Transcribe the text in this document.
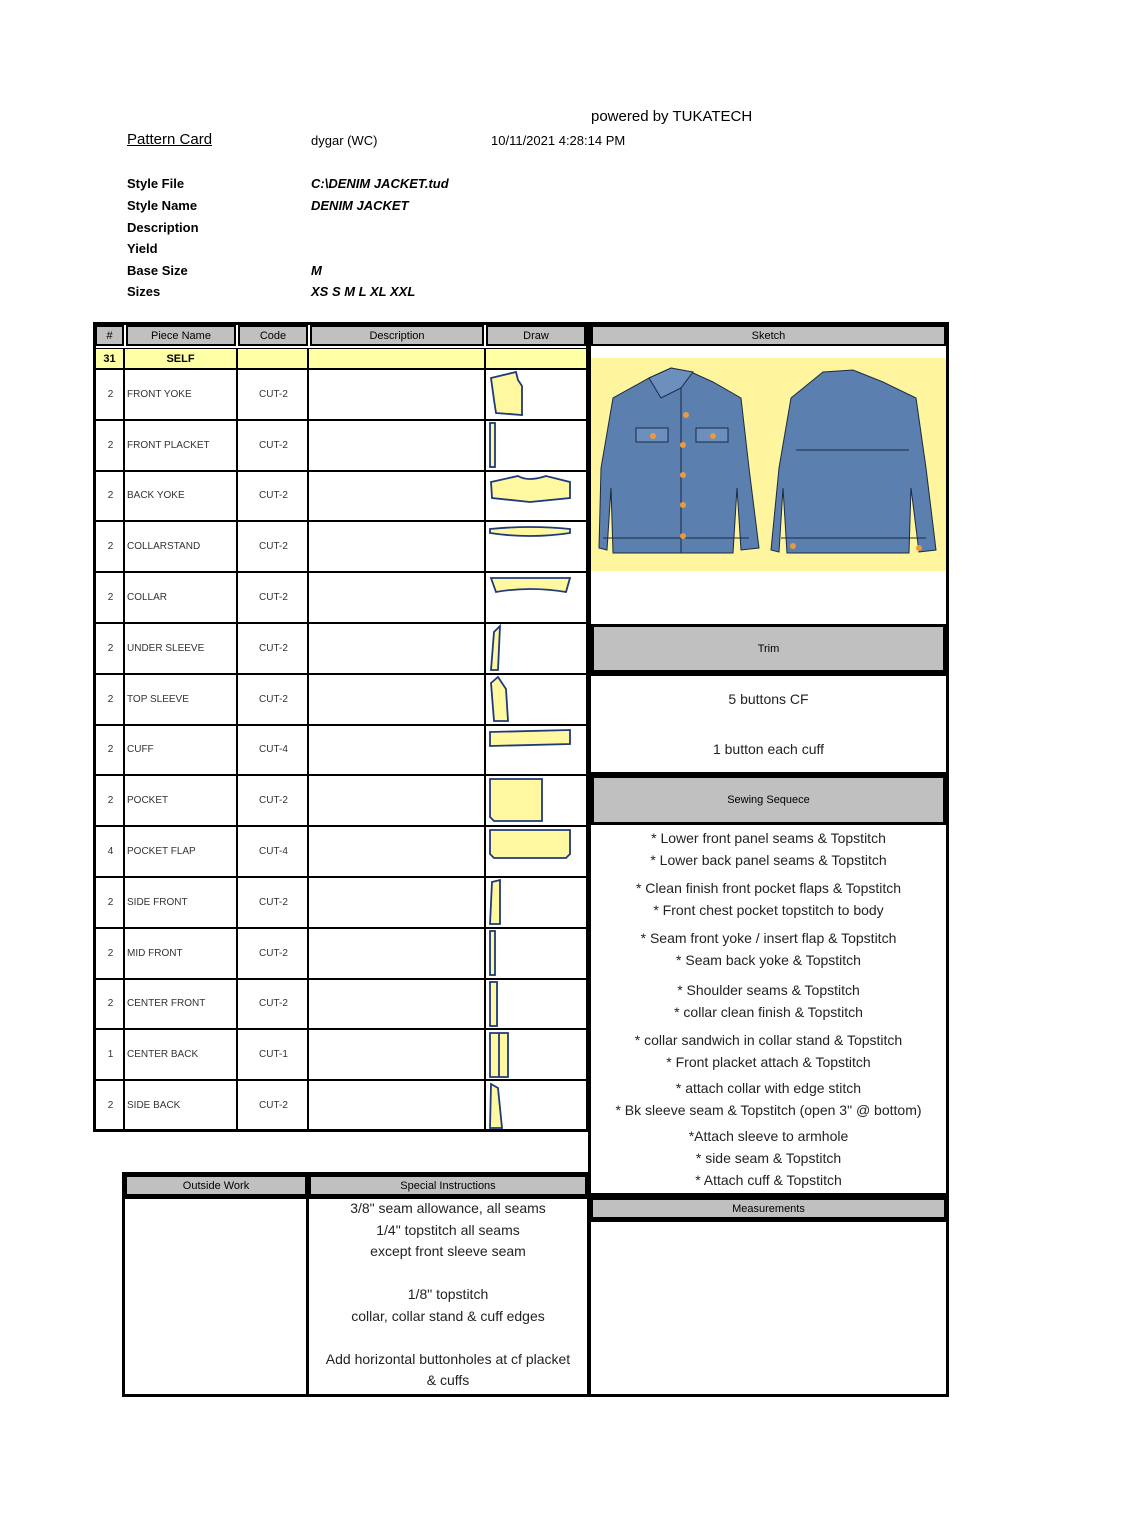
powered by TUKATECH
Pattern Card	dygar (WC)	10/11/2021 4:28:14 PM
Style File	C:\DENIM JACKET.tud
Style Name	DENIM JACKET
Description
Yield
Base Size	M
Sizes	XS S M L XL XXL
#	Piece Name	Code	Description	Draw
31	SELF
2	FRONT YOKE	CUT-2
2	FRONT PLACKET	CUT-2
2	BACK YOKE	CUT-2
2	COLLARSTAND	CUT-2
2	COLLAR	CUT-2
2	UNDER SLEEVE	CUT-2
2	TOP SLEEVE	CUT-2
2	CUFF	CUT-4
2	POCKET	CUT-2
4	POCKET FLAP	CUT-4
2	SIDE FRONT	CUT-2
2	MID FRONT	CUT-2
2	CENTER FRONT	CUT-2
1	CENTER BACK	CUT-1
2	SIDE BACK	CUT-2
Sketch
Trim
5 buttons CF
1 button each cuff
Sewing Sequece
* Lower front panel seams & Topstitch
* Lower back panel seams & Topstitch
* Clean finish front pocket flaps & Topstitch
* Front chest pocket topstitch to body
* Seam front yoke / insert flap & Topstitch
* Seam back yoke & Topstitch
* Shoulder seams & Topstitch
* collar clean finish & Topstitch
* collar sandwich in collar stand & Topstitch
* Front placket attach & Topstitch
* attach collar with edge stitch
* Bk sleeve seam & Topstitch (open 3" @ bottom)
*Attach sleeve to armhole
* side seam & Topstitch
* Attach cuff & Topstitch
Outside Work	Special Instructions
3/8" seam allowance, all seams
1/4" topstitch all seams
except front sleeve seam
1/8" topstitch
collar, collar stand & cuff edges
Add horizontal buttonholes at cf placket
& cuffs
Measurements
